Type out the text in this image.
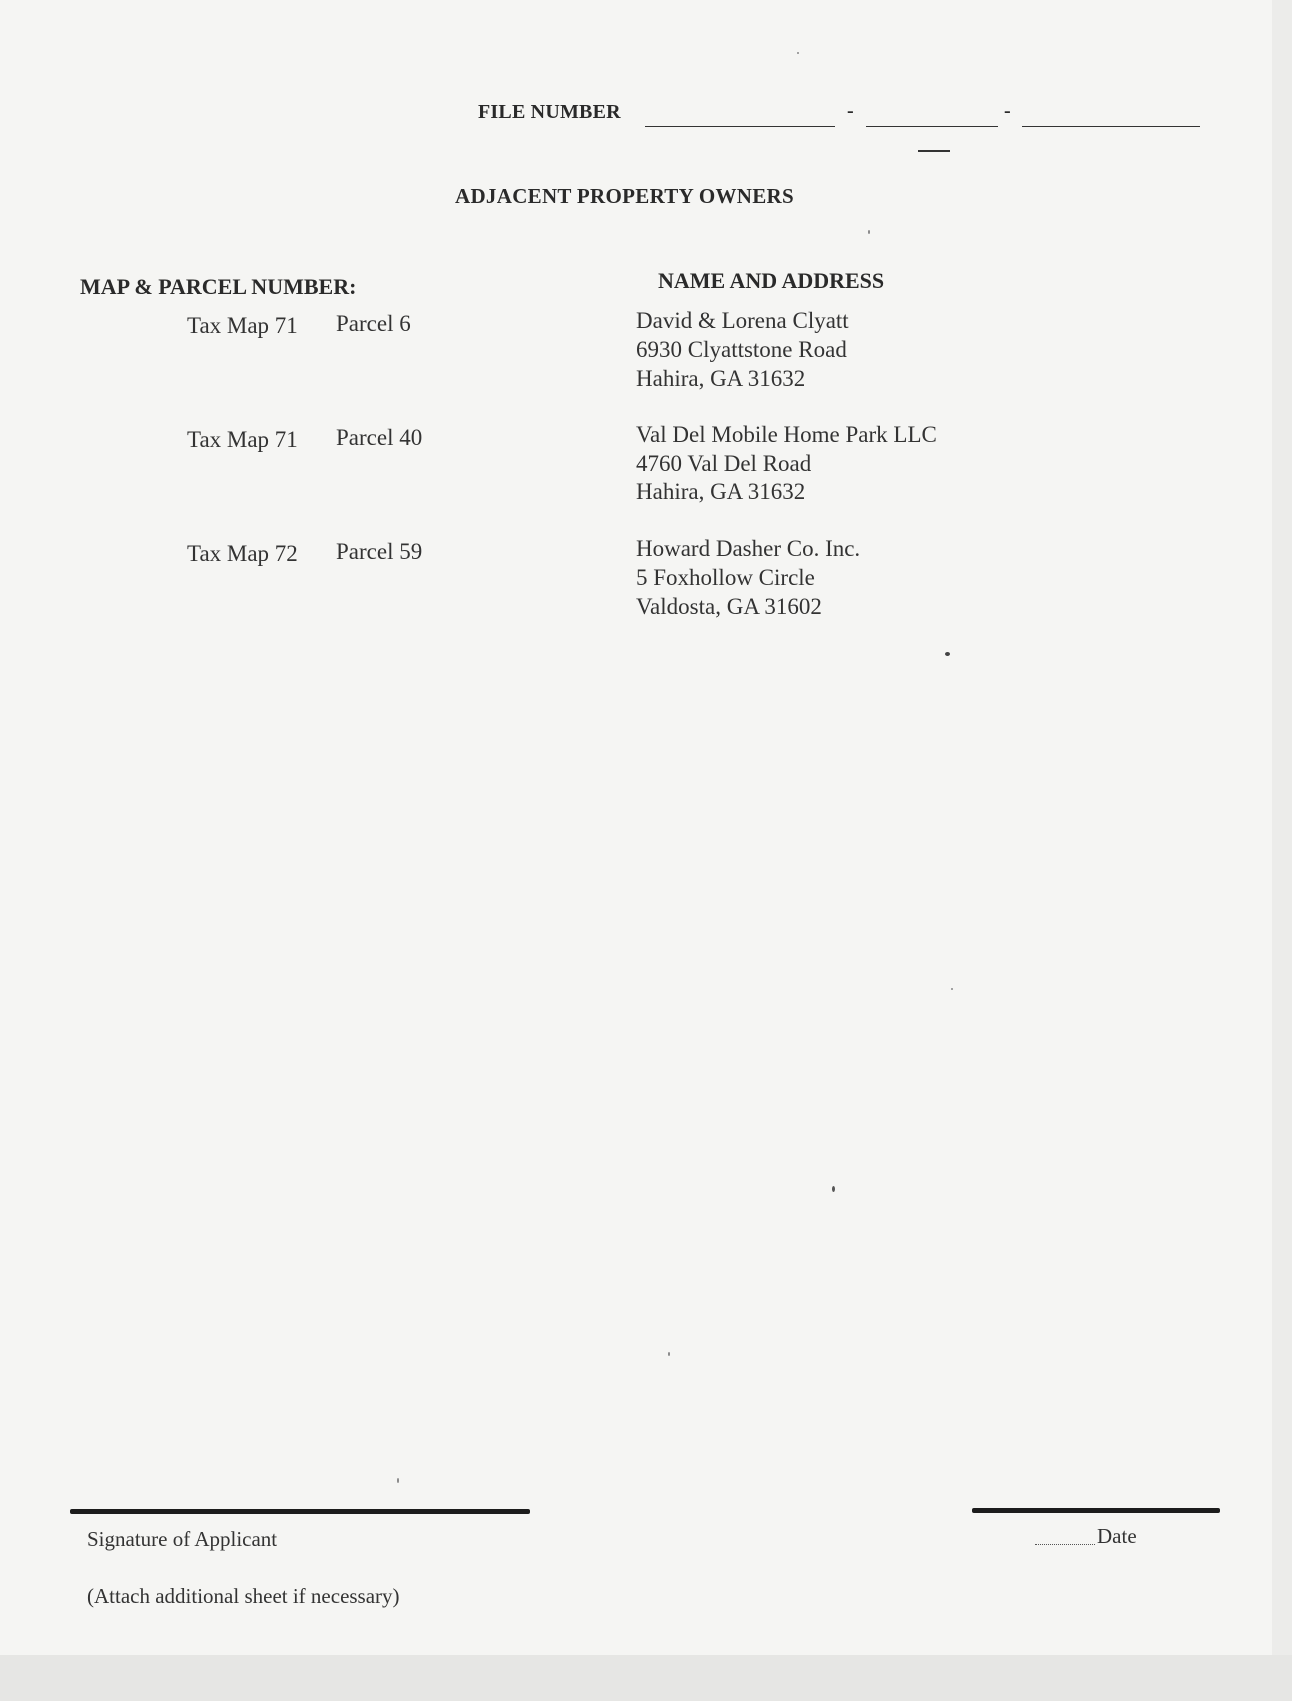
FILE NUMBER	-	-
ADJACENT PROPERTY OWNERS
MAP & PARCEL NUMBER:	NAME AND ADDRESS
Tax Map 71 Parcel 6	David & Lorena Clyatt
6930 Clyattstone Road
Hahira, GA 31632
Tax Map 71 Parcel 40	Val Del Mobile Home Park LLC
4760 Val Del Road
Hahira, GA 31632
Tax Map 72 Parcel 59	Howard Dasher Co. Inc.
5 Foxhollow Circle
Valdosta, GA 31602
Signature of Applicant	Date
(Attach additional sheet if necessary)
